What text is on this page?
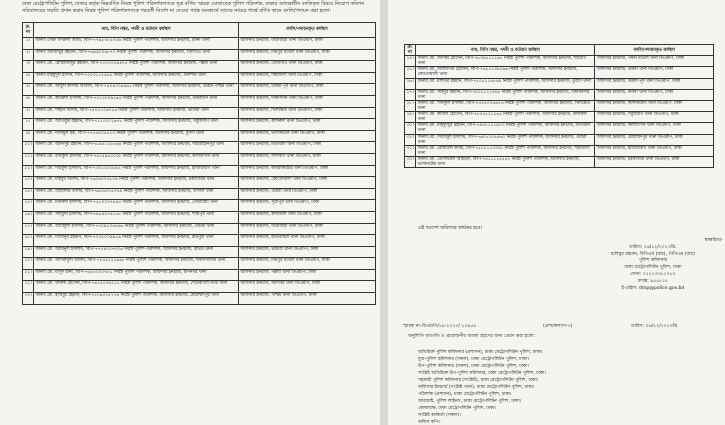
ঢাকা মেট্রোপলিটন পুলিশ, ঢাকার কর্তৃক নিম্নবর্ণিত নিরস্ত্র পুলিশ পরিদর্শকগণকে সূত্র বর্ণিত স্মারক মোতাবেক পুলিশ পরিদর্শক, ঢাকার অধ্যক্ষাধীন বদলিকৃত বিষয়ে নিয়োগ কমিশন সচিবালয়ের সম্মতি প্রদান করায় নিরস্ত্র পুলিশ পরিদর্শকগণকে পরবর্তী নির্দেশ না দেওয়া পর্যন্ত জনস্বার্থে তাদের নামের পার্শ্বে বর্ণিত স্থানে বদলি/পদায়ন করা হলো:
ক্র. নং	নাম, বিপি নম্বর, পদবী ও বর্তমান কর্মস্থল	বদলি/পদায়নকৃত কর্মস্থল
১।	জনাব সৈয়দ ফখরুল আলী, বিপি-৭৭৯৮০৮৫০৩৬ নিরস্ত্র পুলিশ পরিদর্শক, অফিসার ইনচার্জ, রমনা থানা	অফিসার ইনচার্জ, যাত্রাবাড়ী থানা ডিএমপি, ঢাকা
২।	জনাব আজিজুর রহমান, বিপি-৭৬৯৯০০৯৮৭০ নিরস্ত্র পুলিশ পরিদর্শক, অফিসার ইনচার্জ, খিলগাঁও থানা	অফিসার ইনচার্জ, মিরপুর মডেল থানা ডিএমপি, ঢাকা
৩।	জনাব মো. মোস্তাফিজুর রহমান, বিপি-৭০০০০০৯৪৭৫ নিরস্ত্র পুলিশ পরিদর্শক, অফিসার ইনচার্জ, পল্লবী থানা	অফিসার ইনচার্জ, তেজগাঁও থানা ডিএমপি, ঢাকা
৪।	জনাব মাহমুদুল হাসান, বিপি-৭২০৩১১৭৪৮৬ নিরস্ত্র পুলিশ পরিদর্শক, অফিসার ইনচার্জ, গুলশান থানা	অফিসার ইনচার্জ, শাহআলী থানা ডিএমপি, ঢাকা
৫।	জনাব মো. আবুল কালাম আজাদ, বিপি-৭৪০৯০০৪৯৬১ নিরস্ত্র পুলিশ পরিদর্শক, অফিসার ইনচার্জ, উত্তরা-পশ্চিম থানা	অফিসার ইনচার্জ, উত্তরা-পূর্ব থানা ডিএমপি, ঢাকা
৬।	জনাব মো. কামরুল ইসলাম, বিপি-৭৩১০০০৯২৬৩ নিরস্ত্র পুলিশ পরিদর্শক, অফিসার ইনচার্জ, উত্তরখান থানা	অফিসার ইনচার্জ, দক্ষিণখান থানা ডিএমপি, ঢাকা
৭।	জনাব মো. শাহীন আলম, বিপি-৭৫০৫১০৬৭২৬ নিরস্ত্র পুলিশ পরিদর্শক, অফিসার ইনচার্জ, ভাটারা থানা	অফিসার ইনচার্জ, খিলক্ষেত থানা ডিএমপি, ঢাকা
৮।	জনাব মো. আতিকুর রহমান, বিপি-৭১১০০০২৬৭৮ নিরস্ত্র পুলিশ পরিদর্শক, অফিসার ইনচার্জ, সবুজবাগ থানা	অফিসার ইনচার্জ, কাফরুল থানা ডিএমপি, ঢাকা
৯।	জনাব মো. নাজমুল হক, বিপি-৭৭১৬০০৪৫২৩ নিরস্ত্র পুলিশ পরিদর্শক, অফিসার ইনচার্জ, মুগদা থানা	অফিসার ইনচার্জ, ভাসানটেক থানা ডিএমপি, ঢাকা
১০।	জনাব মো. আনিসুর রহমান, বিপি-৭৮৯৫১২৫৫৬৪ নিরস্ত্র পুলিশ পরিদর্শক, অফিসার ইনচার্জ, শাহজাহানপুর থানা	অফিসার ইনচার্জ, মতিঝিল থানা ডিএমপি, ঢাকা
১১।	জনাব মো. রফিকুল ইসলাম, বিপি-৭৪০৪৯৫০০৩৮ নিরস্ত্র পুলিশ পরিদর্শক, অফিসার ইনচার্জ, কলাবাগান থানা	অফিসার ইনচার্জ, লালবাগ থানা ডিএমপি, ঢাকা
১২।	জনাব মো. শরিফুল ইসলাম, বিপি-৭৩০১০০৩৮৯২ নিরস্ত্র পুলিশ পরিদর্শক, অফিসার ইনচার্জ, হাজারীবাগ থানা	অফিসার ইনচার্জ, কামরাঙ্গীরচর থানা ডিএমপি, ঢাকা
১৩।	জনাব মো. মাহবুব আলম, বিপি-৭৬০৬০০৭৮৩৪ নিরস্ত্র পুলিশ পরিদর্শক, অফিসার ইনচার্জ, চকবাজার থানা	অফিসার ইনচার্জ, কোতোয়ালী থানা ডিএমপি, ঢাকা
১৪।	জনাব মো. জাহাঙ্গীর আলম, বিপি-৭৯০৬০০৫৩৭৯ নিরস্ত্র পুলিশ পরিদর্শক, অফিসার ইনচার্জ, বংশাল থানা	অফিসার ইনচার্জ, ওয়ারী থানা ডিএমপি, ঢাকা
১৫।	জনাব মো. মনিরুল ইসলাম, বিপি-৭৫১০০০৭৪৪৫ নিরস্ত্র পুলিশ পরিদর্শক, অফিসার ইনচার্জ, গেন্ডারিয়া থানা	অফিসার ইনচার্জ, সূত্রাপুর থানা ডিএমপি, ঢাকা
১৬।	জনাব মো. সাইফুল ইসলাম, বিপি-৭৯৮৪০৭৪১৮৮ নিরস্ত্র পুলিশ পরিদর্শক, অফিসার ইনচার্জ, শ্যামপুর থানা	অফিসার ইনচার্জ, কদমতলী থানা ডিএমপি, ঢাকা
১৭।	জনাব মো. আরিফুল ইসলাম, বিপি-৭৩০৯১০৬৪৯৬ নিরস্ত্র পুলিশ পরিদর্শক, অফিসার ইনচার্জ, ডেমরা থানা	অফিসার ইনচার্জ, যাত্রাবাড়ী থানা ডিএমপি, ঢাকা
১৮।	জনাব মো. মিজানুর রহমান, বিপি-৭০০৮০০৯৯২৬ নিরস্ত্র পুলিশ পরিদর্শক, অফিসার ইনচার্জ, রামপুরা থানা	অফিসার ইনচার্জ, হাতিরঝিল থানা ডিএমপি, ঢাকা
১৯।	জনাব মো. আমিনুল ইসলাম, বিপি-৭৭০৪০০৭৩০৬ নিরস্ত্র পুলিশ পরিদর্শক, অফিসার ইনচার্জ, বাড্ডা থানা	অফিসার ইনচার্জ, ভাটারা থানা ডিএমপি, ঢাকা
২০।	জনাব মো. আশরাফুল আলম, বিপি-৭৮০৪১২১৯৬৮ নিরস্ত্র পুলিশ পরিদর্শক, অফিসার ইনচার্জ, দারুসসালাম থানা	অফিসার ইনচার্জ, মিরপুর মডেল থানা ডিএমপি, ঢাকা
২১।	জনাব মো. মাসুদ রানা, বিপি-৭৬০৫০০৩৩৫১ নিরস্ত্র পুলিশ পরিদর্শক, অফিসার ইনচার্জ, রূপনগর থানা	অফিসার ইনচার্জ, পল্লবী থানা ডিএমপি, ঢাকা
২২।	জনাব মো. ফারুক হোসেন, বিপি-৭৪১৫০০৬২১২ নিরস্ত্র পুলিশ পরিদর্শক, অফিসার ইনচার্জ, শেরেবাংলা নগর থানা	অফিসার ইনচার্জ, আদাবর থানা ডিএমপি, ঢাকা
২৩।	জনাব মো. হাবিবুর রহমান, বিপি-৭০০৯০০৫৭৭৪ নিরস্ত্র পুলিশ পরিদর্শক, অফিসার ইনচার্জ, মোহাম্মদপুর থানা	অফিসার ইনচার্জ, পশ্চিম থানা ডিএমপি, ঢাকা
ক্র. নং	নাম, বিপি নম্বর, পদবী ও বর্তমান কর্মস্থল	বদলি/পদায়নকৃত কর্মস্থল
২৪।	জনাব মো. জাকির হোসেন, বিপি-৭৮০৯১১১১৬২ নিরস্ত্র পুলিশ পরিদর্শক, অফিসার ইনচার্জ, শাহবাগ থানা	অফিসার ইনচার্জ, পল্টন মডেল থানা ডিএমপি, ঢাকা
২৫।	জনাব মো. আলমগীর হোসেন, বিপি-৭৬১১১৩৯২৬৬ নিরস্ত্র পুলিশ পরিদর্শক, অফিসার ইনচার্জ, কোতোয়ালী থানা	অফিসার ইনচার্জ, উত্তরা থানা ডিএমপি, ঢাকা
২৬।	জনাব মো. মশিউর রহমান, বিপি-৭২০৫১১৪৮৬৯ নিরস্ত্র পুলিশ পরিদর্শক, অফিসার ইনচার্জ, তুরাগ থানা	অফিসার ইনচার্জ, উত্তরা-পূর্ব থানা ডিএমপি, ঢাকা
২৭।	জনাব মো. সাইদুর রহমান, বিপি-৭০০২১২২৩৬৮ নিরস্ত্র পুলিশ পরিদর্শক, অফিসার ইনচার্জ, বিমানবন্দর থানা	অফিসার ইনচার্জ, বনানী থানা ডিএমপি, ঢাকা
২৮।	জনাব মো. শফিকুল ইসলাম, বিপি-৭৩০৫০০৬৬৭৬ নিরস্ত্র পুলিশ পরিদর্শক, অফিসার ইনচার্জ, খিলক্ষেত থানা	অফিসার ইনচার্জ, ক্যান্টনমেন্ট থানা ডিএমপি, ঢাকা
২৯।	জনাব মো. কামাল হোসেন, বিপি-৭৮০৫১২১১৬২ নিরস্ত্র পুলিশ পরিদর্শক, অফিসার ইনচার্জ, কাফরুল থানা	অফিসার ইনচার্জ, সবুজবাগ থানা ডিএমপি, ঢাকা
৩০।	জনাব মো. মাহফুজুর রহমান, বিপি-৭৯০৮১২১৯০৩ নিরস্ত্র পুলিশ পরিদর্শক, অফিসার ইনচার্জ, মতিঝিল থানা	অফিসার ইনচার্জ, কলাবাগান থানা ডিএমপি, ঢাকা
৩১।	জনাব মো. সিরাজুল ইসলাম, বিপি-৭৬০৮১০৪৫৬০ নিরস্ত্র পুলিশ পরিদর্শক, অফিসার ইনচার্জ, ওয়ারী থানা	অফিসার ইনচার্জ, মোহাম্মদপুর থানা ডিএমপি, ঢাকা
৩২।	জনাব মো. রেজাউল করিম, বিপি-৭৫১৮১১৩৩০৮ নিরস্ত্র পুলিশ পরিদর্শক, অফিসার ইনচার্জ, শাহআলী থানা	অফিসার ইনচার্জ, হাজারীবাগ থানা ডিএমপি, ঢাকা
৩৩।	জনাব মো. তোফায়েল আহমেদ, বিপি-৭৪১১১২৫৫৫২ নিরস্ত্র পুলিশ পরিদর্শক, অফিসার ইনচার্জ, ভাসানটেক থানা	অফিসার ইনচার্জ, চকবাজার থানা ডিএমপি, ঢাকা
এই আদেশ অবিলম্বে কার্যকর হবে।
স্বাক্ষরিত/-
তারিখ: ০৬/১২/২০২৩খ্রি.
হাবিবুর রহমান, বিপিএম (বার), পিপিএম (বার)
পুলিশ কমিশনার
ঢাকা মেট্রোপলিটন পুলিশ, ঢাকা
ফোন: ০২২২৩৩৮১০৮০
ফ্যাক্স: ৯৫৫৮১৮
ই-মেইল: dmp@police.gov.bd
স্মারক নং-ডিএমপি/১৯-২০২৩/ ২০৯৫৪	(প্রশা/কল্যাণ-৩)	তারিখ: ০৬/১২/২০২৩খ্রি.
অনুলিপি অবগতি ও প্রয়োজনীয় ব্যবস্থা গ্রহণের জন্য প্রেরণ করা হলো:
1. অতিরিক্ত পুলিশ কমিশনার (প্রশাসন), ঢাকা মেট্রোপলিটন পুলিশ, ঢাকা।
2. যুগ্ম-পুলিশ কমিশনার (সকল), ঢাকা মেট্রোপলিটন পুলিশ, ঢাকা।
3. উপ-পুলিশ কমিশনার (সকল), ঢাকা মেট্রোপলিটন পুলিশ, ঢাকা।
4. সংশ্লিষ্ট অতিরিক্ত উপ-পুলিশ কমিশনার, ঢাকা মেট্রোপলিটন পুলিশ, ঢাকা।
5. সহকারী পুলিশ কমিশনার (সংশ্লিষ্ট), ঢাকা মেট্রোপলিটন পুলিশ, ঢাকা।
6. অফিসার ইনচার্জ (সংশ্লিষ্ট থানা), ঢাকা মেট্রোপলিটন পুলিশ, ঢাকা।
7. পরিদর্শক (প্রশাসন), ঢাকা মেট্রোপলিটন পুলিশ, ঢাকা।
8. আরআই, পুলিশ লাইনস, ঢাকা মেট্রোপলিটন পুলিশ, ঢাকা।
9. কোষাধ্যক্ষ, ঢাকা মেট্রোপলিটন পুলিশ, ঢাকা।
10. সংশ্লিষ্ট কর্মকর্তা (সকল)।
11. অফিস কপি।
